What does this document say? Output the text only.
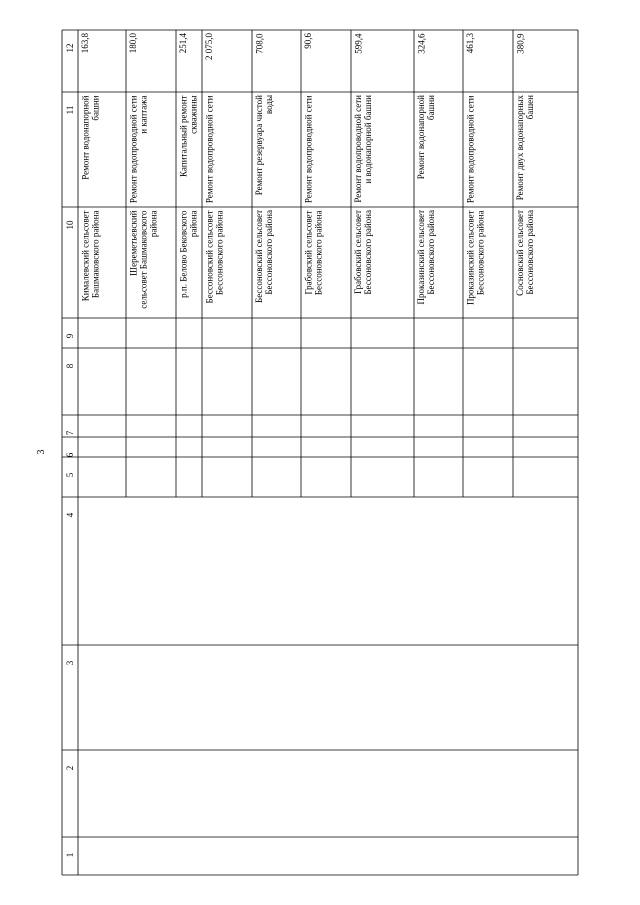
3
1
2
3
4
5
6
7
8
9
10
11
12
Кималевский сельсовет Башмаковского района
Ремонт водонапорной башни
163,8
Шереметьевский сельсовет Башмаковского района
Ремонт водопроводной сети и каптажа
180,0
р.п. Белово Бековского района
Капитальный ремонт скважины
251,4
Бессоновский сельсовет Бессоновского района
Ремонт водопроводной сети
2 075,0
Бессоновский сельсовет Бессоновского района
Ремонт резервуара чистой воды
708,0
Грабовский сельсовет Бессоновского района
Ремонт водопроводной сети
90,6
Грабовский сельсовет Бессоновского района
Ремонт водопроводной сети и водонапорной башни
599,4
Проказинский сельсовет Бессоновского района
Ремонт водонапорной башни
324,6
Проказинский сельсовет Бессоновского района
Ремонт водопроводной сети
461,3
Сосновский сельсовет Бессоновского района
Ремонт двух водонапорных башен
380,9
